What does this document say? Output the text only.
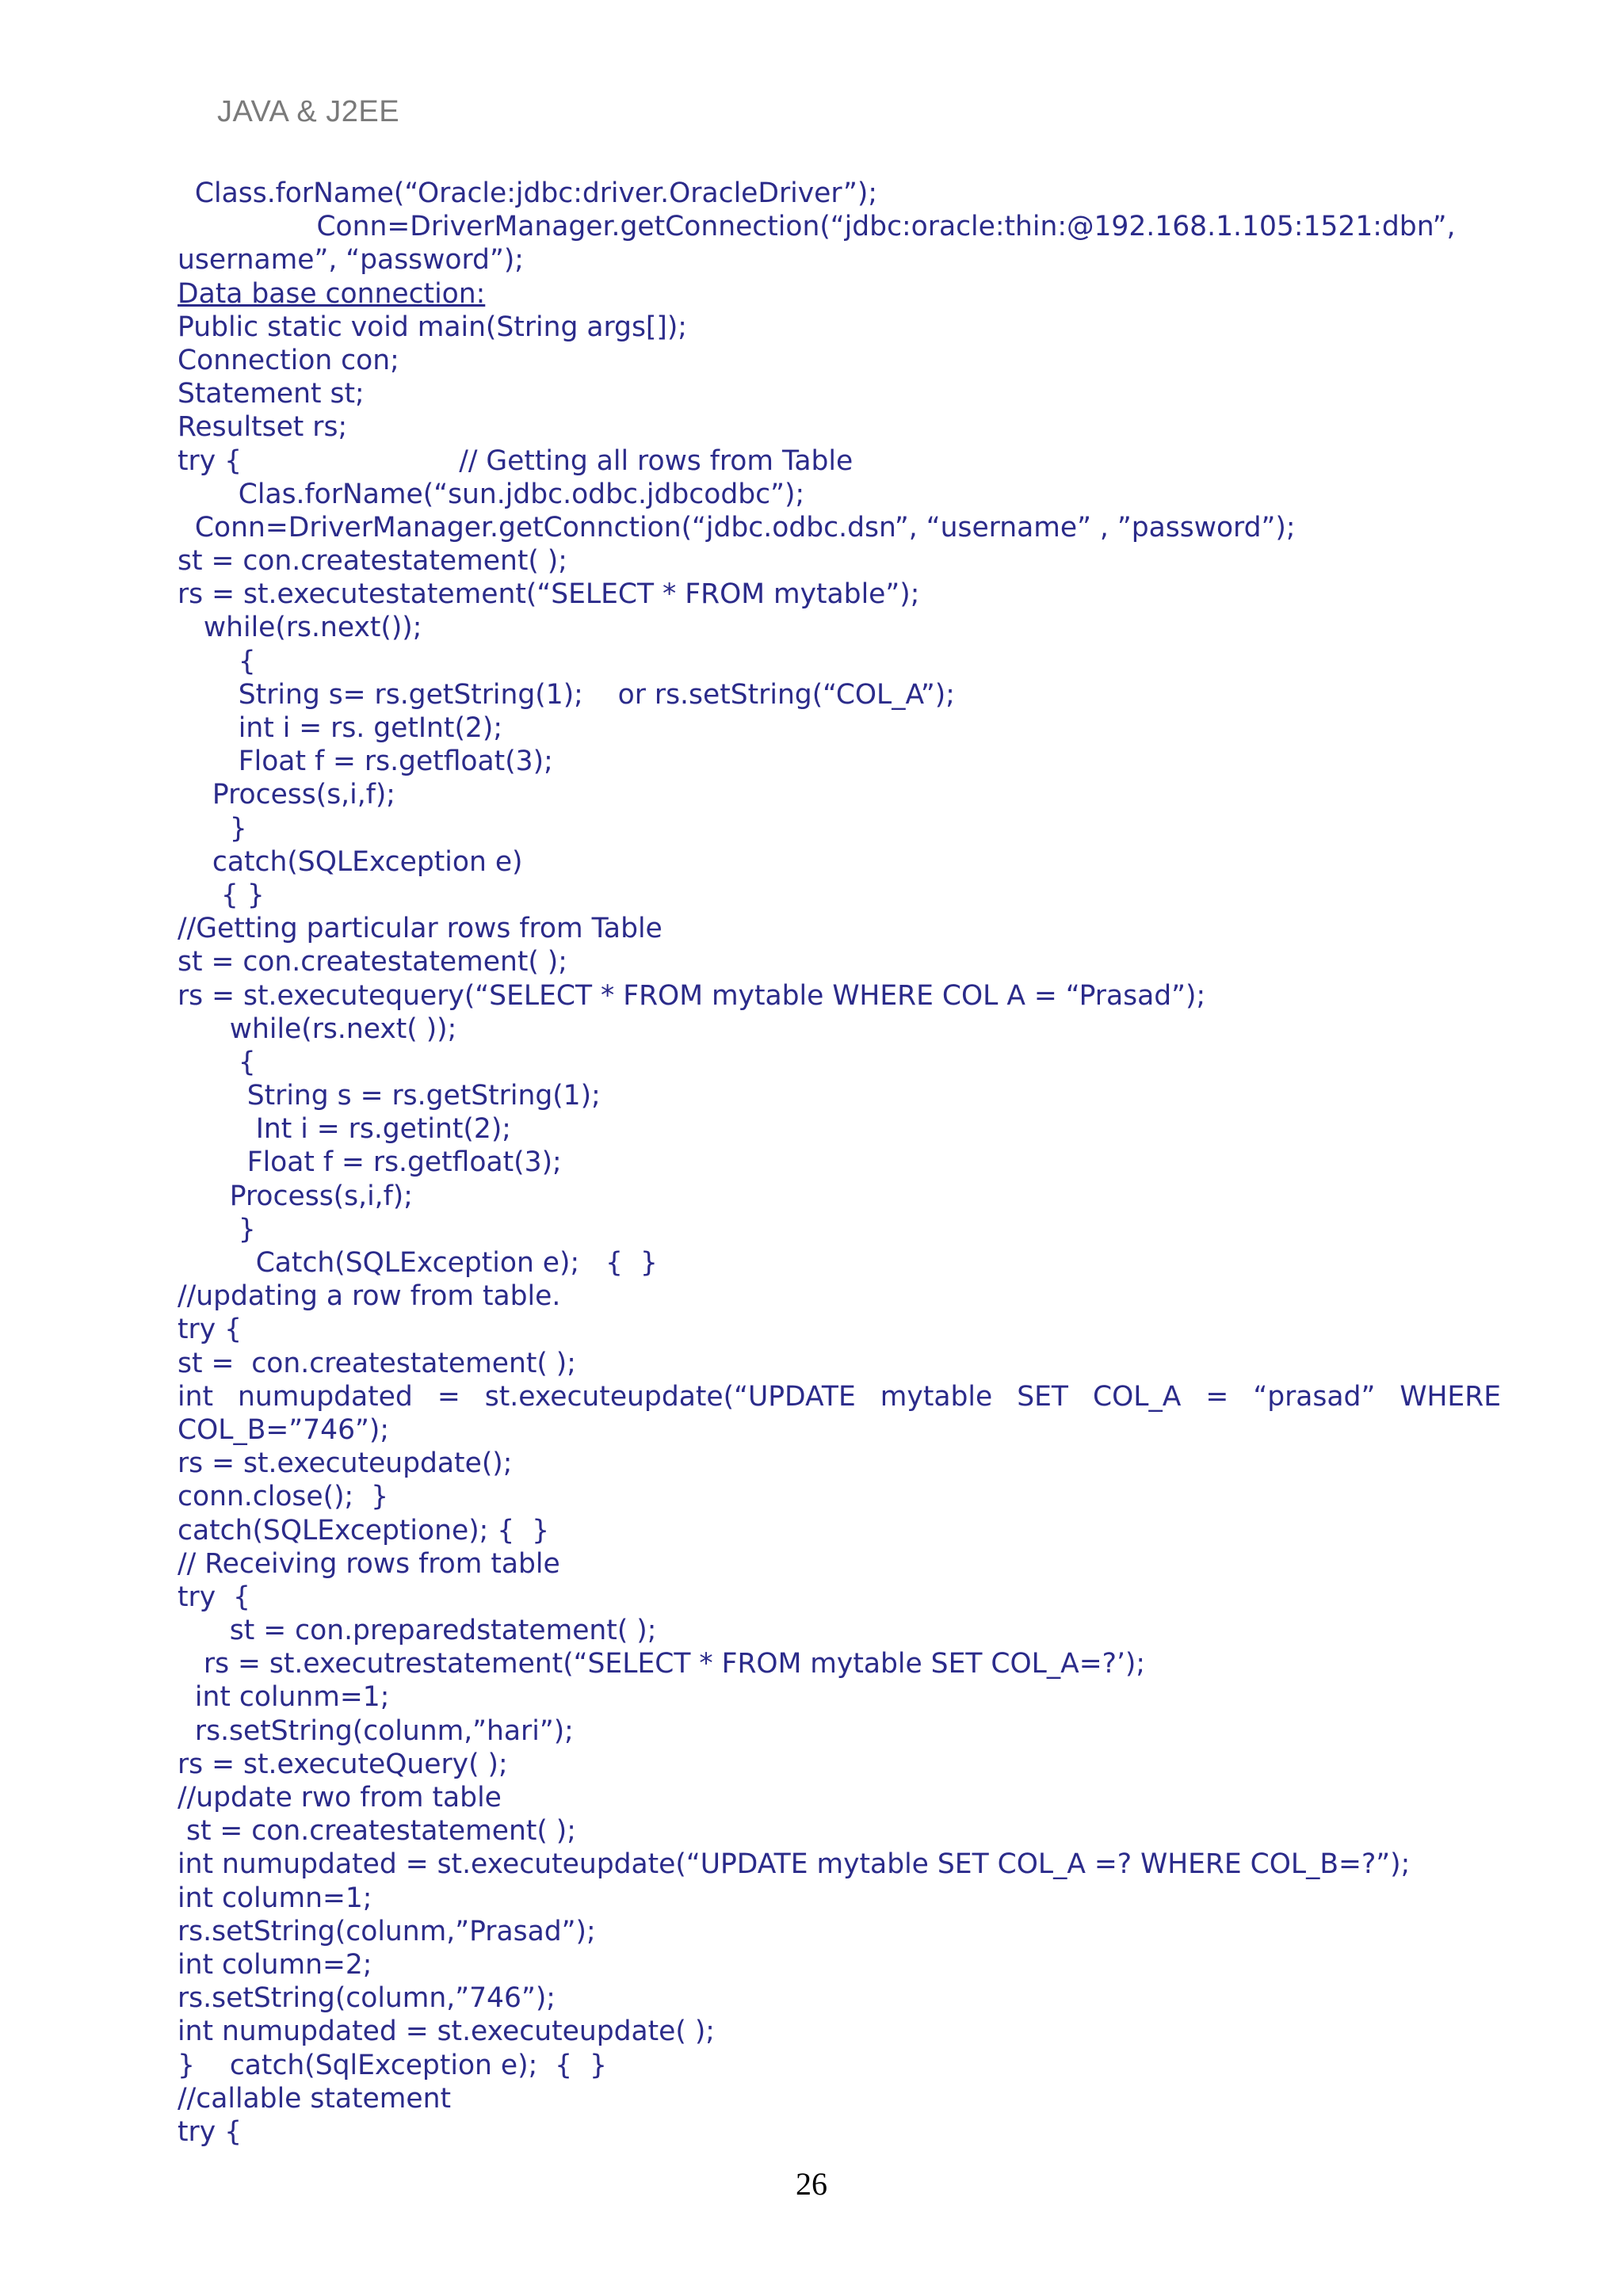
JAVA & J2EE
Class.forName(“Oracle:jdbc:driver.OracleDriver”);
Conn=DriverManager.getConnection(“jdbc:oracle:thin:@192.168.1.105:1521:dbn”,
username”, “password”);
Data base connection:
Public static void main(String args[]);
Connection con;
Statement st;
Resultset rs;
try {                         // Getting all rows from Table
Clas.forName(“sun.jdbc.odbc.jdbcodbc”);
Conn=DriverManager.getConnction(“jdbc.odbc.dsn”, “username” , ”password”);
st = con.createstatement( );
rs = st.executestatement(“SELECT * FROM mytable”);
while(rs.next());
{
String s= rs.getString(1);    or rs.setString(“COL_A”);
int i = rs. getInt(2);
Float f = rs.getfloat(3);
Process(s,i,f);
}
catch(SQLException e)
{ }
//Getting particular rows from Table
st = con.createstatement( );
rs = st.executequery(“SELECT * FROM mytable WHERE COL A = “Prasad”);
while(rs.next( ));
{
String s = rs.getString(1);
Int i = rs.getint(2);
Float f = rs.getfloat(3);
Process(s,i,f);
}
Catch(SQLException e);   {  }
//updating a row from table.
try {
st =  con.createstatement( );
int numupdated = st.executeupdate(“UPDATE mytable SET COL_A = “prasad” WHERE
COL_B=”746”);
rs = st.executeupdate();
conn.close();  }
catch(SQLExceptione); {  }
// Receiving rows from table
try  {
st = con.preparedstatement( );
rs = st.executrestatement(“SELECT * FROM mytable SET COL_A=?’);
int colunm=1;
rs.setString(colunm,”hari”);
rs = st.executeQuery( );
//update rwo from table
st = con.createstatement( );
int numupdated = st.executeupdate(“UPDATE mytable SET COL_A =? WHERE COL_B=?”);
int column=1;
rs.setString(colunm,”Prasad”);
int column=2;
rs.setString(column,”746”);
int numupdated = st.executeupdate( );
}    catch(SqlException e);  {  }
//callable statement
try {
26
